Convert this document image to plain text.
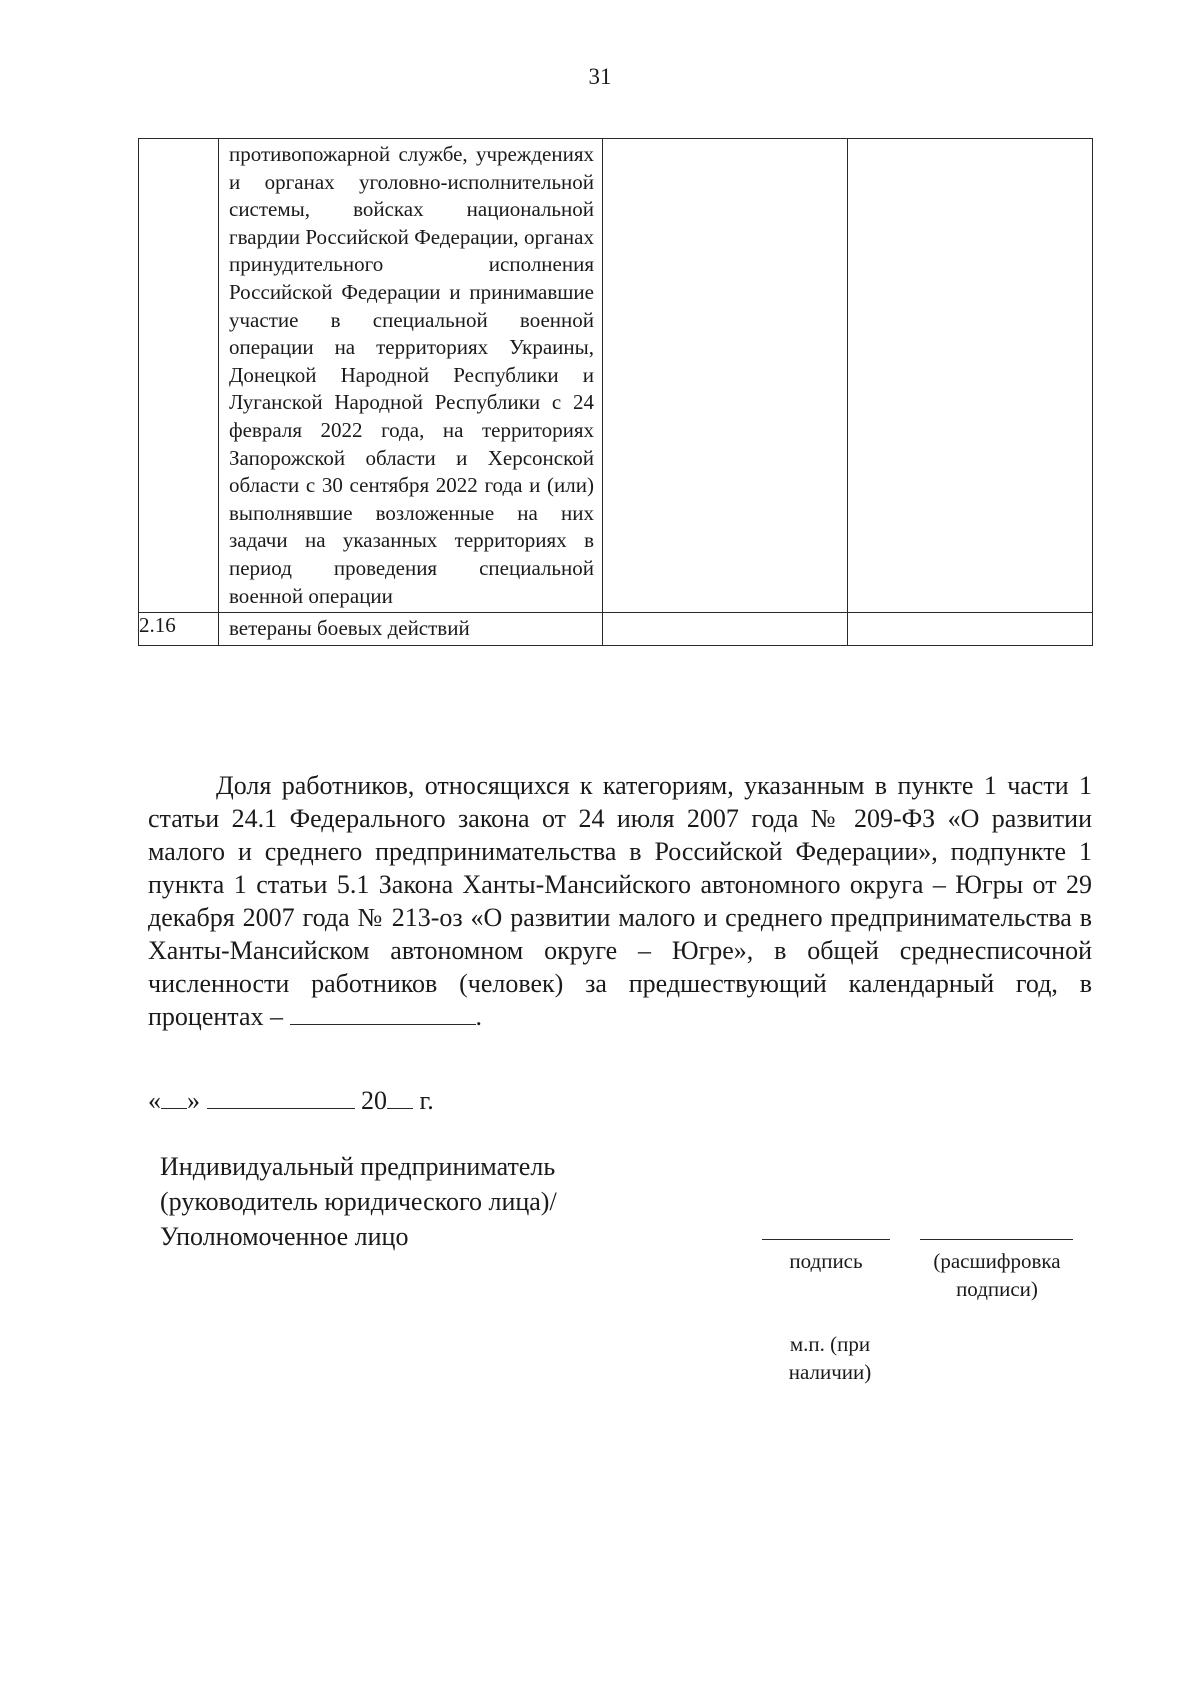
31

	противопожарной службе, учреждениях и органах уголовно-исполнительной системы, войсках национальной гвардии Российской Федерации, органах принудительного исполнения Российской Федерации и принимавшие участие в специальной военной операции на территориях Украины, Донецкой Народной Республики и Луганской Народной Республики с 24 февраля 2022 года, на территориях Запорожской области и Херсонской области с 30 сентября 2022 года и (или) выполнявшие возложенные на них задачи на указанных территориях в период проведения специальной военной операции		

2.16	ветераны боевых действий		

Доля работников, относящихся к категориям, указанным в пункте 1 части 1 статьи 24.1 Федерального закона от 24 июля 2007 года № 209-ФЗ «О развитии малого и среднего предпринимательства в Российской Федерации», подпункте 1 пункта 1 статьи 5.1 Закона Ханты-Мансийского автономного округа – Югры от 29 декабря 2007 года № 213-оз «О развитии малого и среднего предпринимательства в Ханты-Мансийском автономном округе – Югре», в общей среднесписочной численности работников (человек) за предшествующий календарный год, в процентах –	.
« »	20 г.
Индивидуальный предприниматель
(руководитель юридического лица)/
Уполномоченное лицо
подпись	(расшифровка
подписи)
м.п. (при
наличии)
